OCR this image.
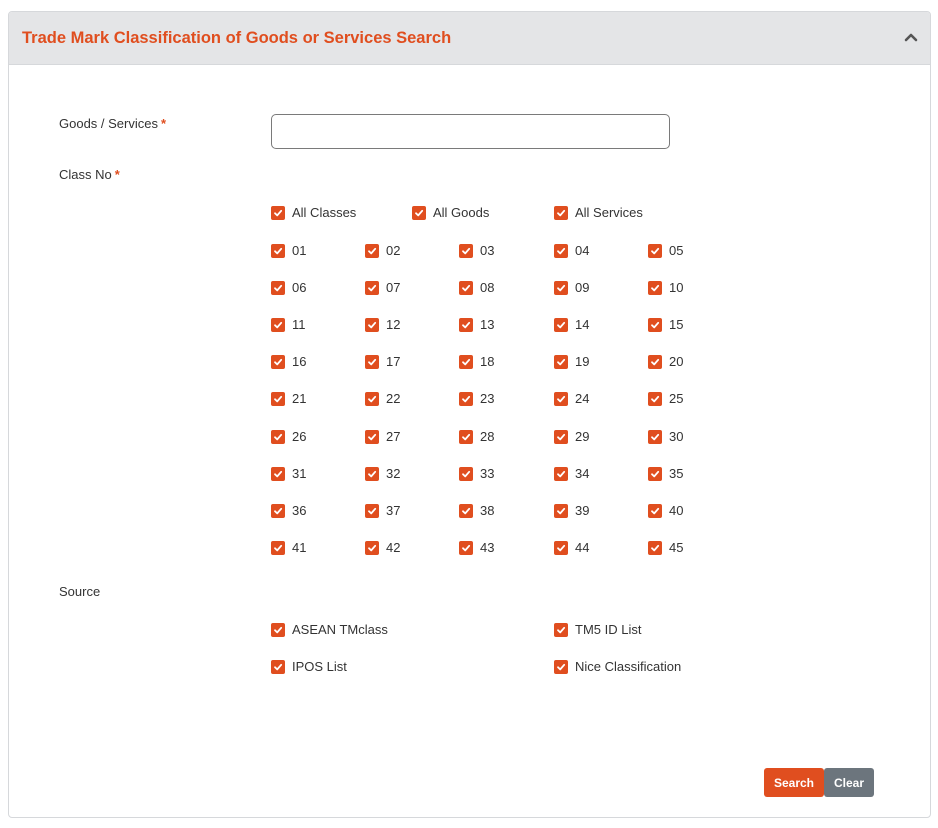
Trade Mark Classification of Goods or Services Search
Goods / Services *
Class No *
All Classes	All Goods	All Services
01	02	03	04	05
06	07	08	09	10
11	12	13	14	15
16	17	18	19	20
21	22	23	24	25
26	27	28	29	30
31	32	33	34	35
36	37	38	39	40
41	42	43	44	45
Source
ASEAN TMclass	TM5 ID List
IPOS List	Nice Classification
Search	Clear
